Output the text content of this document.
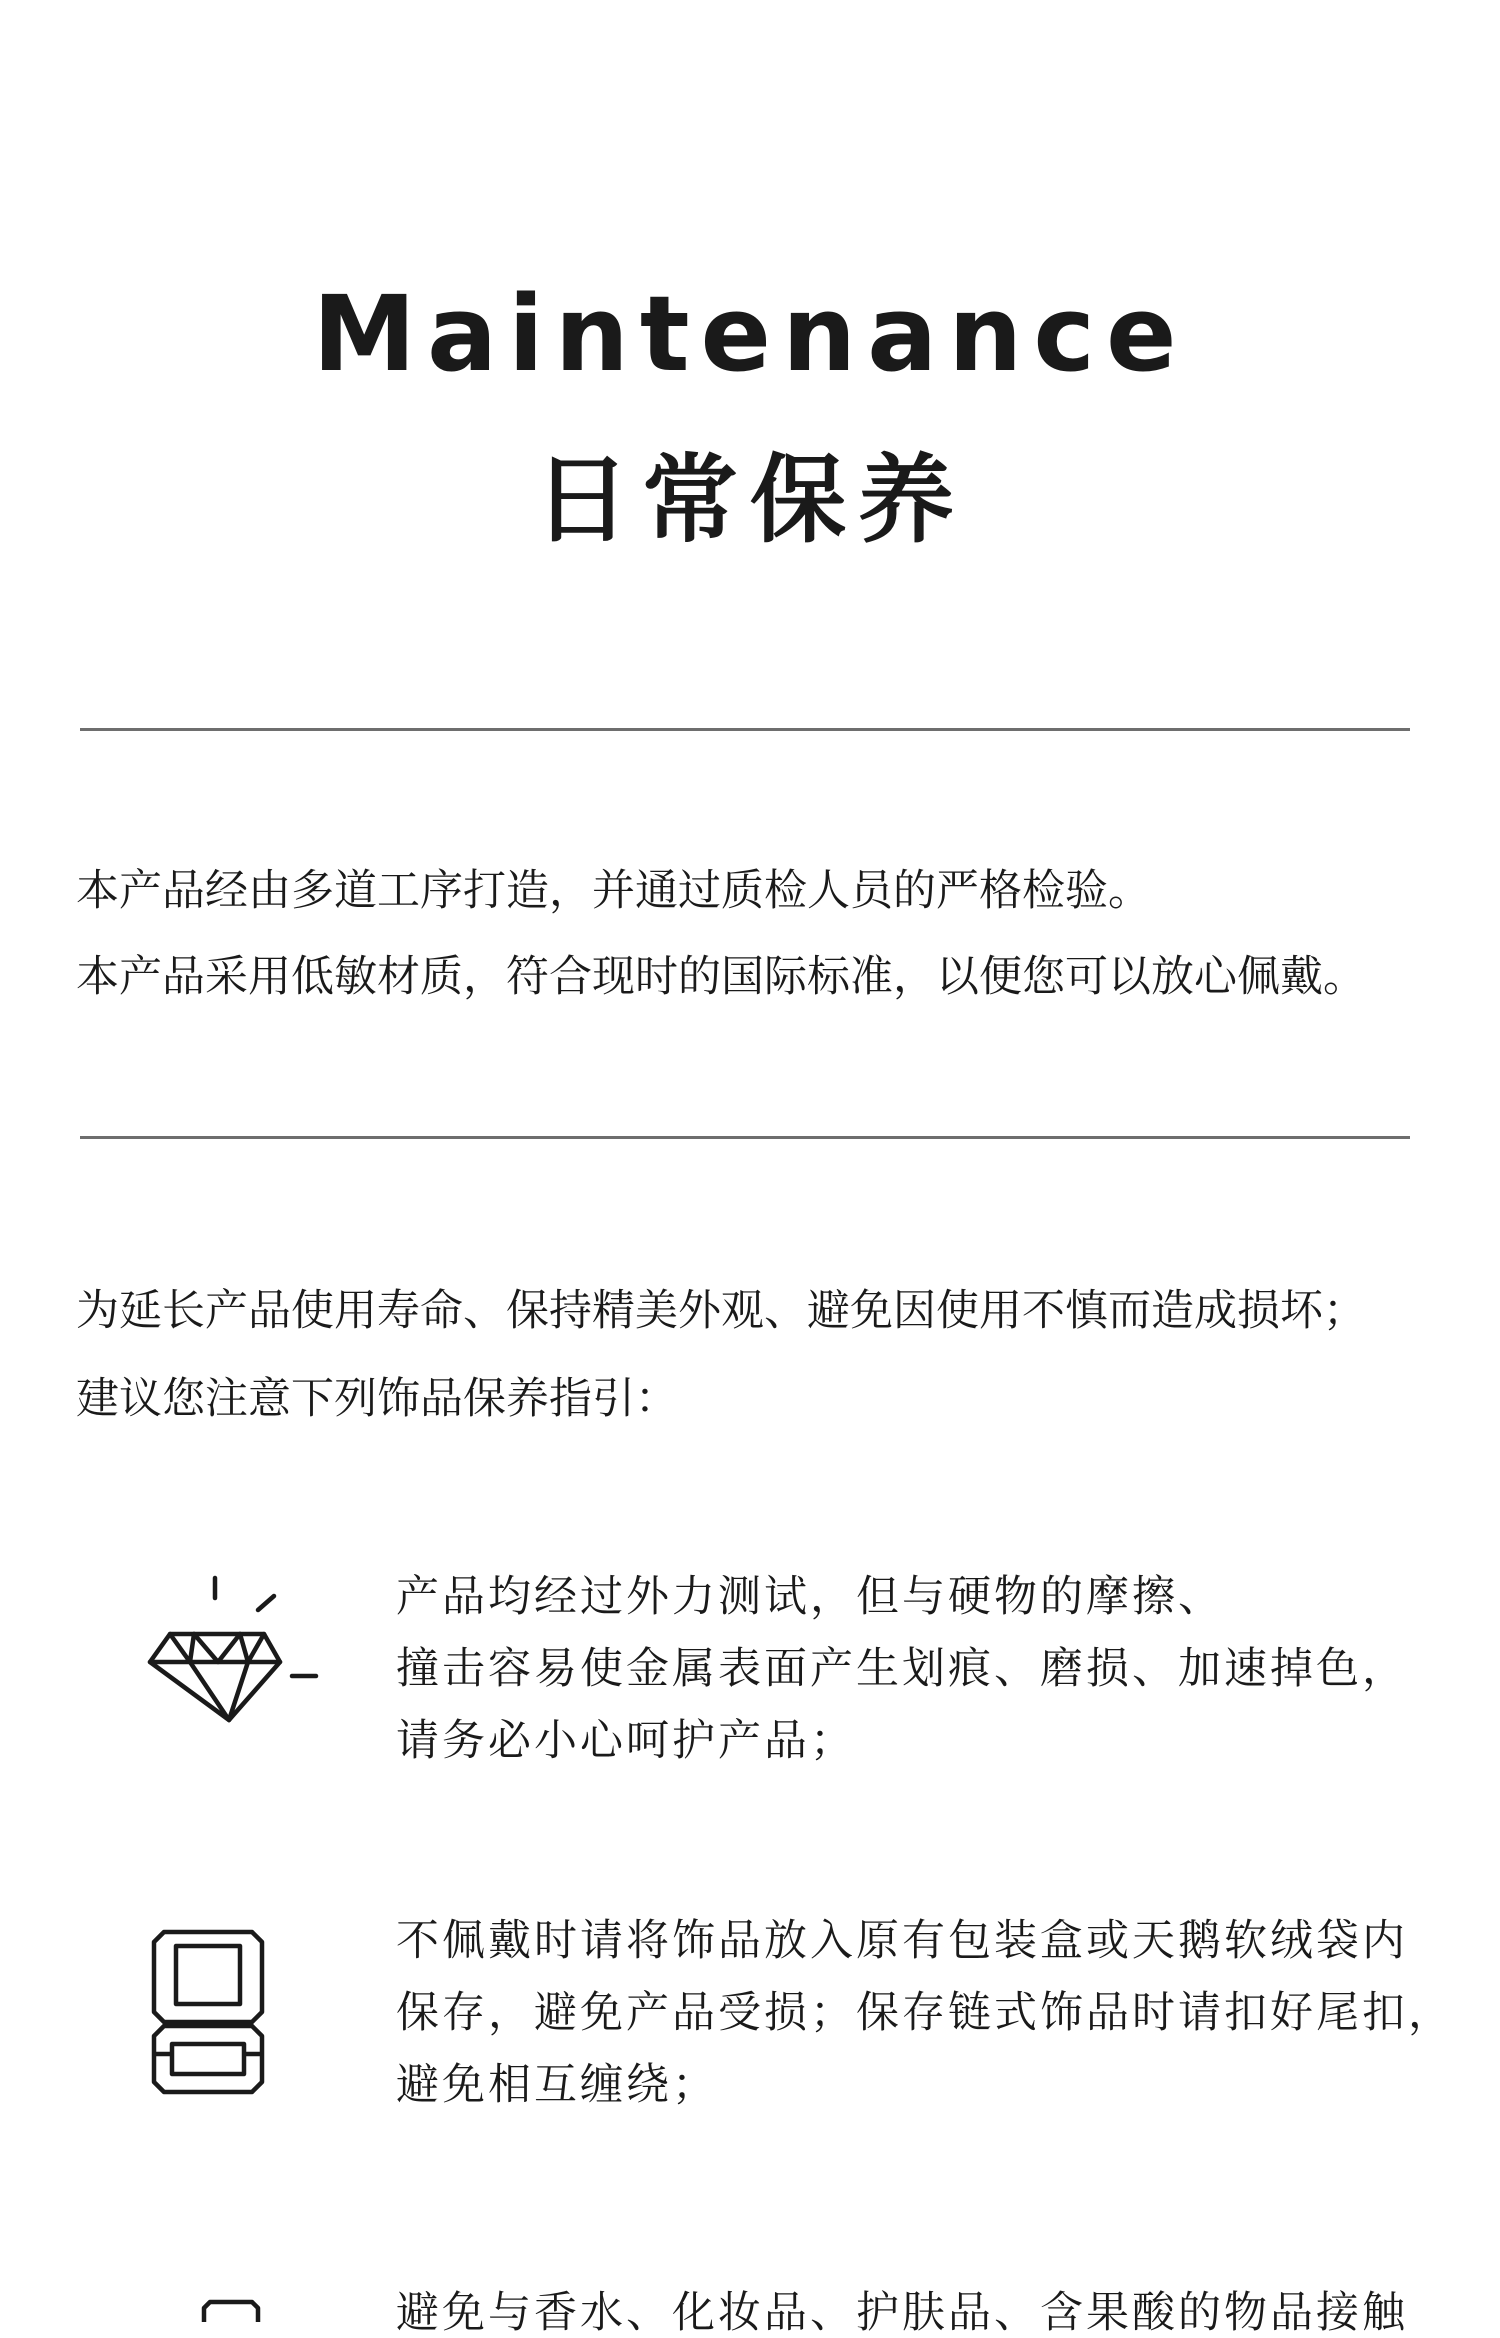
Maintenance
日常保养

本产品经由多道工序打造，并通过质检人员的严格检验。

本产品采用低敏材质，符合现时的国际标准，以便您可以放心佩戴。

为延长产品使用寿命、保持精美外观、避免因使用不慎而造成损坏；

建议您注意下列饰品保养指引：

产品均经过外力测试，但与硬物的摩擦、

撞击容易使金属表面产生划痕、磨损、加速掉色，

请务必小心呵护产品；

不佩戴时请将饰品放入原有包装盒或天鹅软绒袋内

保存，避免产品受损；保存链式饰品时请扣好尾扣，

避免相互缠绕；

避免与香水、化妆品、护肤品、含果酸的物品接触
